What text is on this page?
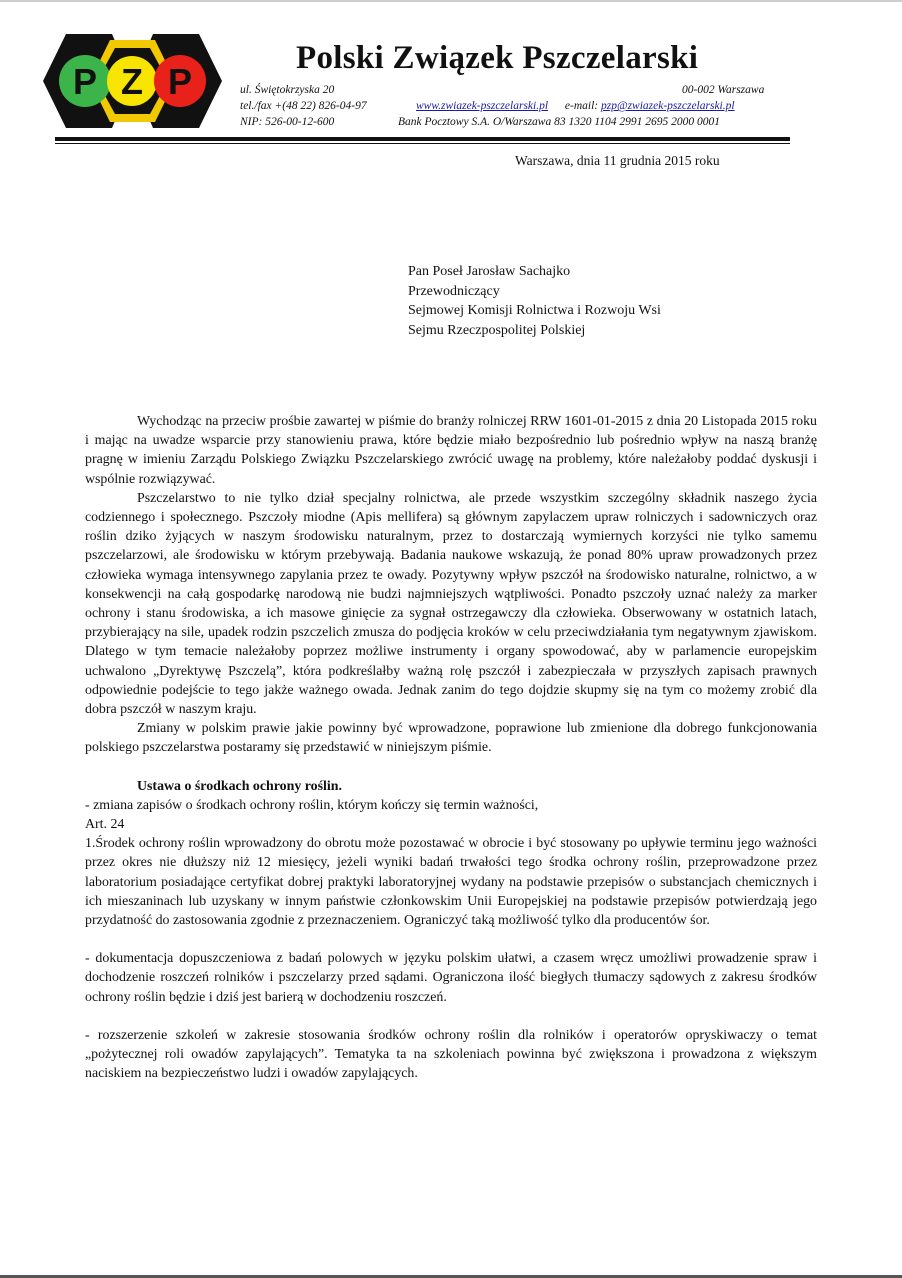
P Z P
Polski Związek Pszczelarski
ul. Świętokrzyska 20	00-002 Warszawa
tel./fax +(48 22) 826-04-97	www.zwiazek-pszczelarski.pl e-mail: pzp@zwiazek-pszczelarski.pl
NIP: 526-00-12-600	Bank Pocztowy S.A. O/Warszawa 83 1320 1104 2991 2695 2000 0001
Warszawa, dnia 11 grudnia 2015 roku
Pan Poseł Jarosław Sachajko
Przewodniczący
Sejmowej Komisji Rolnictwa i Rozwoju Wsi
Sejmu Rzeczpospolitej Polskiej

Wychodząc na przeciw prośbie zawartej w piśmie do branży rolniczej RRW 1601-01-2015 z dnia 20 Listopada 2015 roku i mając na uwadze wsparcie przy stanowieniu prawa, które będzie miało bezpośrednio lub pośrednio wpływ na naszą branżę pragnę w imieniu Zarządu Polskiego Związku Pszczelarskiego zwrócić uwagę na problemy, które należałoby poddać dyskusji i wspólnie rozwiązywać.

Pszczelarstwo to nie tylko dział specjalny rolnictwa, ale przede wszystkim szczególny składnik naszego życia codziennego i społecznego. Pszczoły miodne (Apis mellifera) są głównym zapylaczem upraw rolniczych i sadowniczych oraz roślin dziko żyjących w naszym środowisku naturalnym, przez to dostarczają wymiernych korzyści nie tylko samemu pszczelarzowi, ale środowisku w którym przebywają. Badania naukowe wskazują, że ponad 80% upraw prowadzonych przez człowieka wymaga intensywnego zapylania przez te owady. Pozytywny wpływ pszczół na środowisko naturalne, rolnictwo, a w konsekwencji na całą gospodarkę narodową nie budzi najmniejszych wątpliwości. Ponadto pszczoły uznać należy za marker ochrony i stanu środowiska, a ich masowe ginięcie za sygnał ostrzegawczy dla człowieka. Obserwowany w ostatnich latach, przybierający na sile, upadek rodzin pszczelich zmusza do podjęcia kroków w celu przeciwdziałania tym negatywnym zjawiskom. Dlatego w tym temacie należałoby poprzez możliwe instrumenty i organy spowodować, aby w parlamencie europejskim uchwalono „Dyrektywę Pszczelą”, która podkreślałby ważną rolę pszczół i zabezpieczała w przyszłych zapisach prawnych odpowiednie podejście to tego jakże ważnego owada. Jednak zanim do tego dojdzie skupmy się na tym co możemy zrobić dla dobra pszczół w naszym kraju.

Zmiany w polskim prawie jakie powinny być wprowadzone, poprawione lub zmienione dla dobrego funkcjonowania polskiego pszczelarstwa postaramy się przedstawić w niniejszym piśmie.

Ustawa o środkach ochrony roślin.

- zmiana zapisów o środkach ochrony roślin, którym kończy się termin ważności,

Art. 24

1.Środek ochrony roślin wprowadzony do obrotu może pozostawać w obrocie i być stosowany po upływie terminu jego ważności przez okres nie dłuższy niż 12 miesięcy, jeżeli wyniki badań trwałości tego środka ochrony roślin, przeprowadzone przez laboratorium posiadające certyfikat dobrej praktyki laboratoryjnej wydany na podstawie przepisów o substancjach chemicznych i ich mieszaninach lub uzyskany w innym państwie członkowskim Unii Europejskiej na podstawie przepisów potwierdzają jego przydatność do zastosowania zgodnie z przeznaczeniem. Ograniczyć taką możliwość tylko dla producentów śor.

- dokumentacja dopuszczeniowa z badań polowych w języku polskim ułatwi, a czasem wręcz umożliwi prowadzenie spraw i dochodzenie roszczeń rolników i pszczelarzy przed sądami. Ograniczona ilość biegłych tłumaczy sądowych z zakresu środków ochrony roślin będzie i dziś jest barierą w dochodzeniu roszczeń.

- rozszerzenie szkoleń w zakresie stosowania środków ochrony roślin dla rolników i operatorów opryskiwaczy o temat „pożytecznej roli owadów zapylających”. Tematyka ta na szkoleniach powinna być zwiększona i prowadzona z większym naciskiem na bezpieczeństwo ludzi i owadów zapylających.
